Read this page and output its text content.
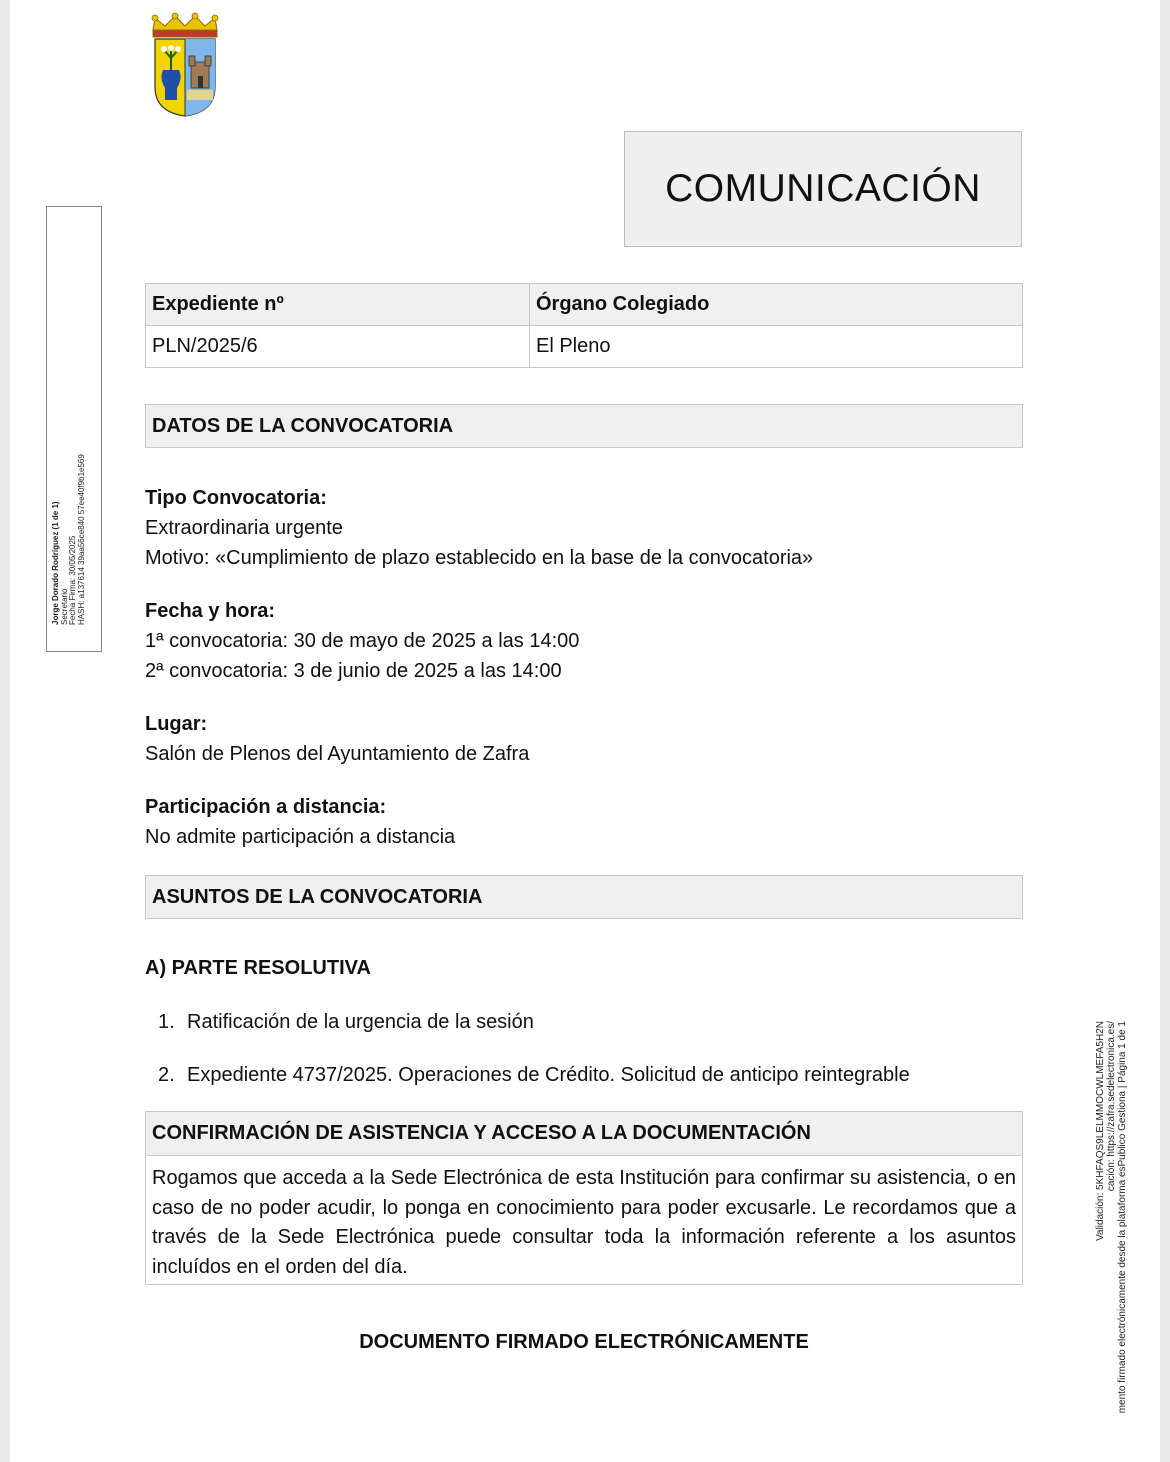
COMUNICACIÓN
Jorge Dorado Rodríguez (1 de 1) Secretario Fecha Firma: 30/05/2025 HASH: a137614 39aa56ce840 57ee40f9b1e569
Expediente nº	Órgano Colegiado
PLN/2025/6	El Pleno
DATOS DE LA CONVOCATORIA
Tipo Convocatoria:
Extraordinaria urgente
Motivo: «Cumplimiento de plazo establecido en la base de la convocatoria»
Fecha y hora:
1ª convocatoria: 30 de mayo de 2025 a las 14:00
2ª convocatoria: 3 de junio de 2025 a las 14:00
Lugar:
Salón de Plenos del Ayuntamiento de Zafra
Participación a distancia:
No admite participación a distancia
ASUNTOS DE LA CONVOCATORIA
A) PARTE RESOLUTIVA
1. Ratificación de la urgencia de la sesión
2. Expediente 4737/2025. Operaciones de Crédito. Solicitud de anticipo reintegrable
CONFIRMACIÓN DE ASISTENCIA Y ACCESO A LA DOCUMENTACIÓN
Rogamos que acceda a la Sede Electrónica de esta Institución para confirmar su asistencia, o en caso de no poder acudir, lo ponga en conocimiento para poder excusarle. Le recordamos que a través de la Sede Electrónica puede consultar toda la información referente a los asuntos incluídos en el orden del día.
DOCUMENTO FIRMADO ELECTRÓNICAMENTE
Validación: 5KHFAQS9LELMMOCWLMEFA5H2N cación: https://zafra.sedelectronica.es/ mento firmado electrónicamente desde la plataforma esPublico Gestiona | Página 1 de 1
